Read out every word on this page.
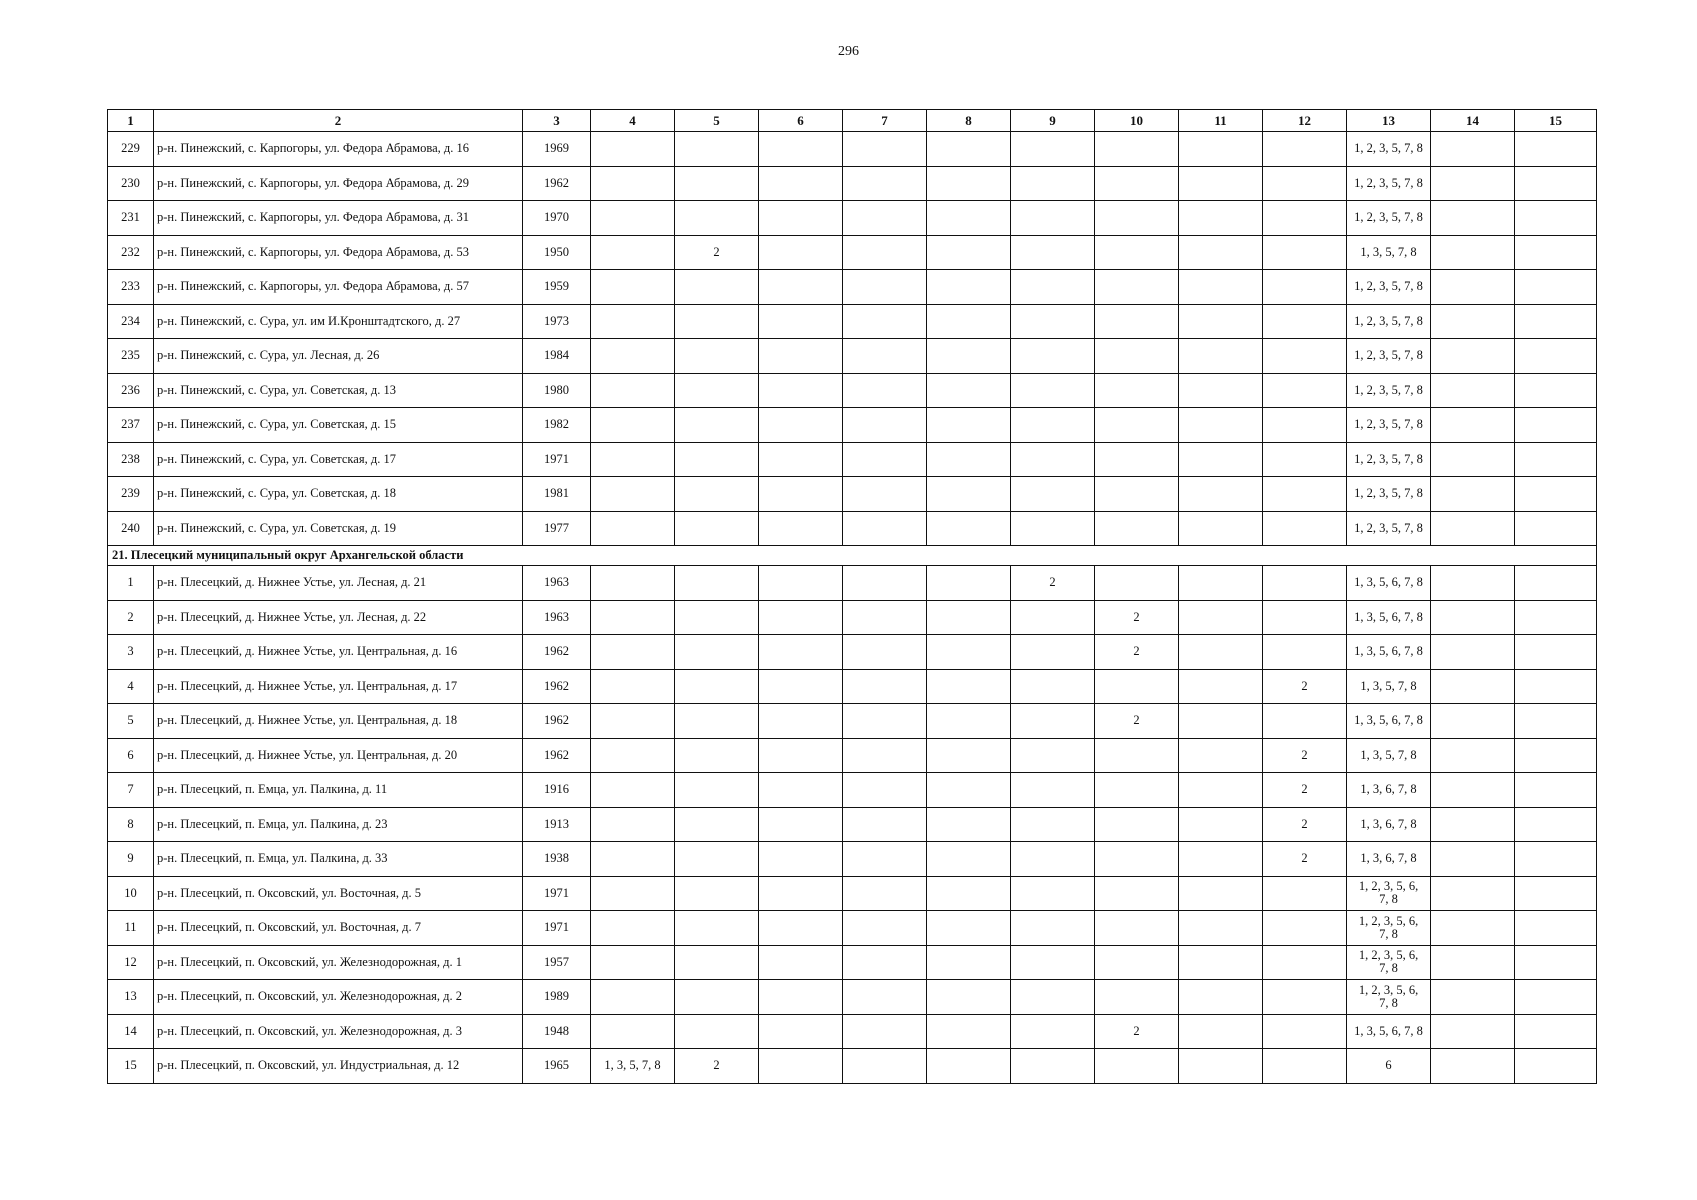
296
1	2	3	4	5	6	7	8	9	10	11	12	13	14	15
229	р-н. Пинежский, с. Карпогоры, ул. Федора Абрамова, д. 16	1969										1, 2, 3, 5, 7, 8		
230	р-н. Пинежский, с. Карпогоры, ул. Федора Абрамова, д. 29	1962										1, 2, 3, 5, 7, 8		
231	р-н. Пинежский, с. Карпогоры, ул. Федора Абрамова, д. 31	1970										1, 2, 3, 5, 7, 8		
232	р-н. Пинежский, с. Карпогоры, ул. Федора Абрамова, д. 53	1950		2								1, 3, 5, 7, 8		
233	р-н. Пинежский, с. Карпогоры, ул. Федора Абрамова, д. 57	1959										1, 2, 3, 5, 7, 8		
234	р-н. Пинежский, с. Сура, ул. им И.Кронштадтского, д. 27	1973										1, 2, 3, 5, 7, 8		
235	р-н. Пинежский, с. Сура, ул. Лесная, д. 26	1984										1, 2, 3, 5, 7, 8		
236	р-н. Пинежский, с. Сура, ул. Советская, д. 13	1980										1, 2, 3, 5, 7, 8		
237	р-н. Пинежский, с. Сура, ул. Советская, д. 15	1982										1, 2, 3, 5, 7, 8		
238	р-н. Пинежский, с. Сура, ул. Советская, д. 17	1971										1, 2, 3, 5, 7, 8		
239	р-н. Пинежский, с. Сура, ул. Советская, д. 18	1981										1, 2, 3, 5, 7, 8		
240	р-н. Пинежский, с. Сура, ул. Советская, д. 19	1977										1, 2, 3, 5, 7, 8		
21. Плесецкий муниципальный округ Архангельской области														
1	р-н. Плесецкий, д. Нижнее Устье, ул. Лесная, д. 21	1963						2				1, 3, 5, 6, 7, 8		
2	р-н. Плесецкий, д. Нижнее Устье, ул. Лесная, д. 22	1963							2			1, 3, 5, 6, 7, 8		
3	р-н. Плесецкий, д. Нижнее Устье, ул. Центральная, д. 16	1962							2			1, 3, 5, 6, 7, 8		
4	р-н. Плесецкий, д. Нижнее Устье, ул. Центральная, д. 17	1962									2	1, 3, 5, 7, 8		
5	р-н. Плесецкий, д. Нижнее Устье, ул. Центральная, д. 18	1962							2			1, 3, 5, 6, 7, 8		
6	р-н. Плесецкий, д. Нижнее Устье, ул. Центральная, д. 20	1962									2	1, 3, 5, 7, 8		
7	р-н. Плесецкий, п. Емца, ул. Палкина, д. 11	1916									2	1, 3, 6, 7, 8		
8	р-н. Плесецкий, п. Емца, ул. Палкина, д. 23	1913									2	1, 3, 6, 7, 8		
9	р-н. Плесецкий, п. Емца, ул. Палкина, д. 33	1938									2	1, 3, 6, 7, 8		
10	р-н. Плесецкий, п. Оксовский, ул. Восточная, д. 5	1971										1, 2, 3, 5, 6, 7, 8		
11	р-н. Плесецкий, п. Оксовский, ул. Восточная, д. 7	1971										1, 2, 3, 5, 6, 7, 8		
12	р-н. Плесецкий, п. Оксовский, ул. Железнодорожная, д. 1	1957										1, 2, 3, 5, 6, 7, 8		
13	р-н. Плесецкий, п. Оксовский, ул. Железнодорожная, д. 2	1989										1, 2, 3, 5, 6, 7, 8		
14	р-н. Плесецкий, п. Оксовский, ул. Железнодорожная, д. 3	1948							2			1, 3, 5, 6, 7, 8		
15	р-н. Плесецкий, п. Оксовский, ул. Индустриальная, д. 12	1965	1, 3, 5, 7, 8	2								6		
